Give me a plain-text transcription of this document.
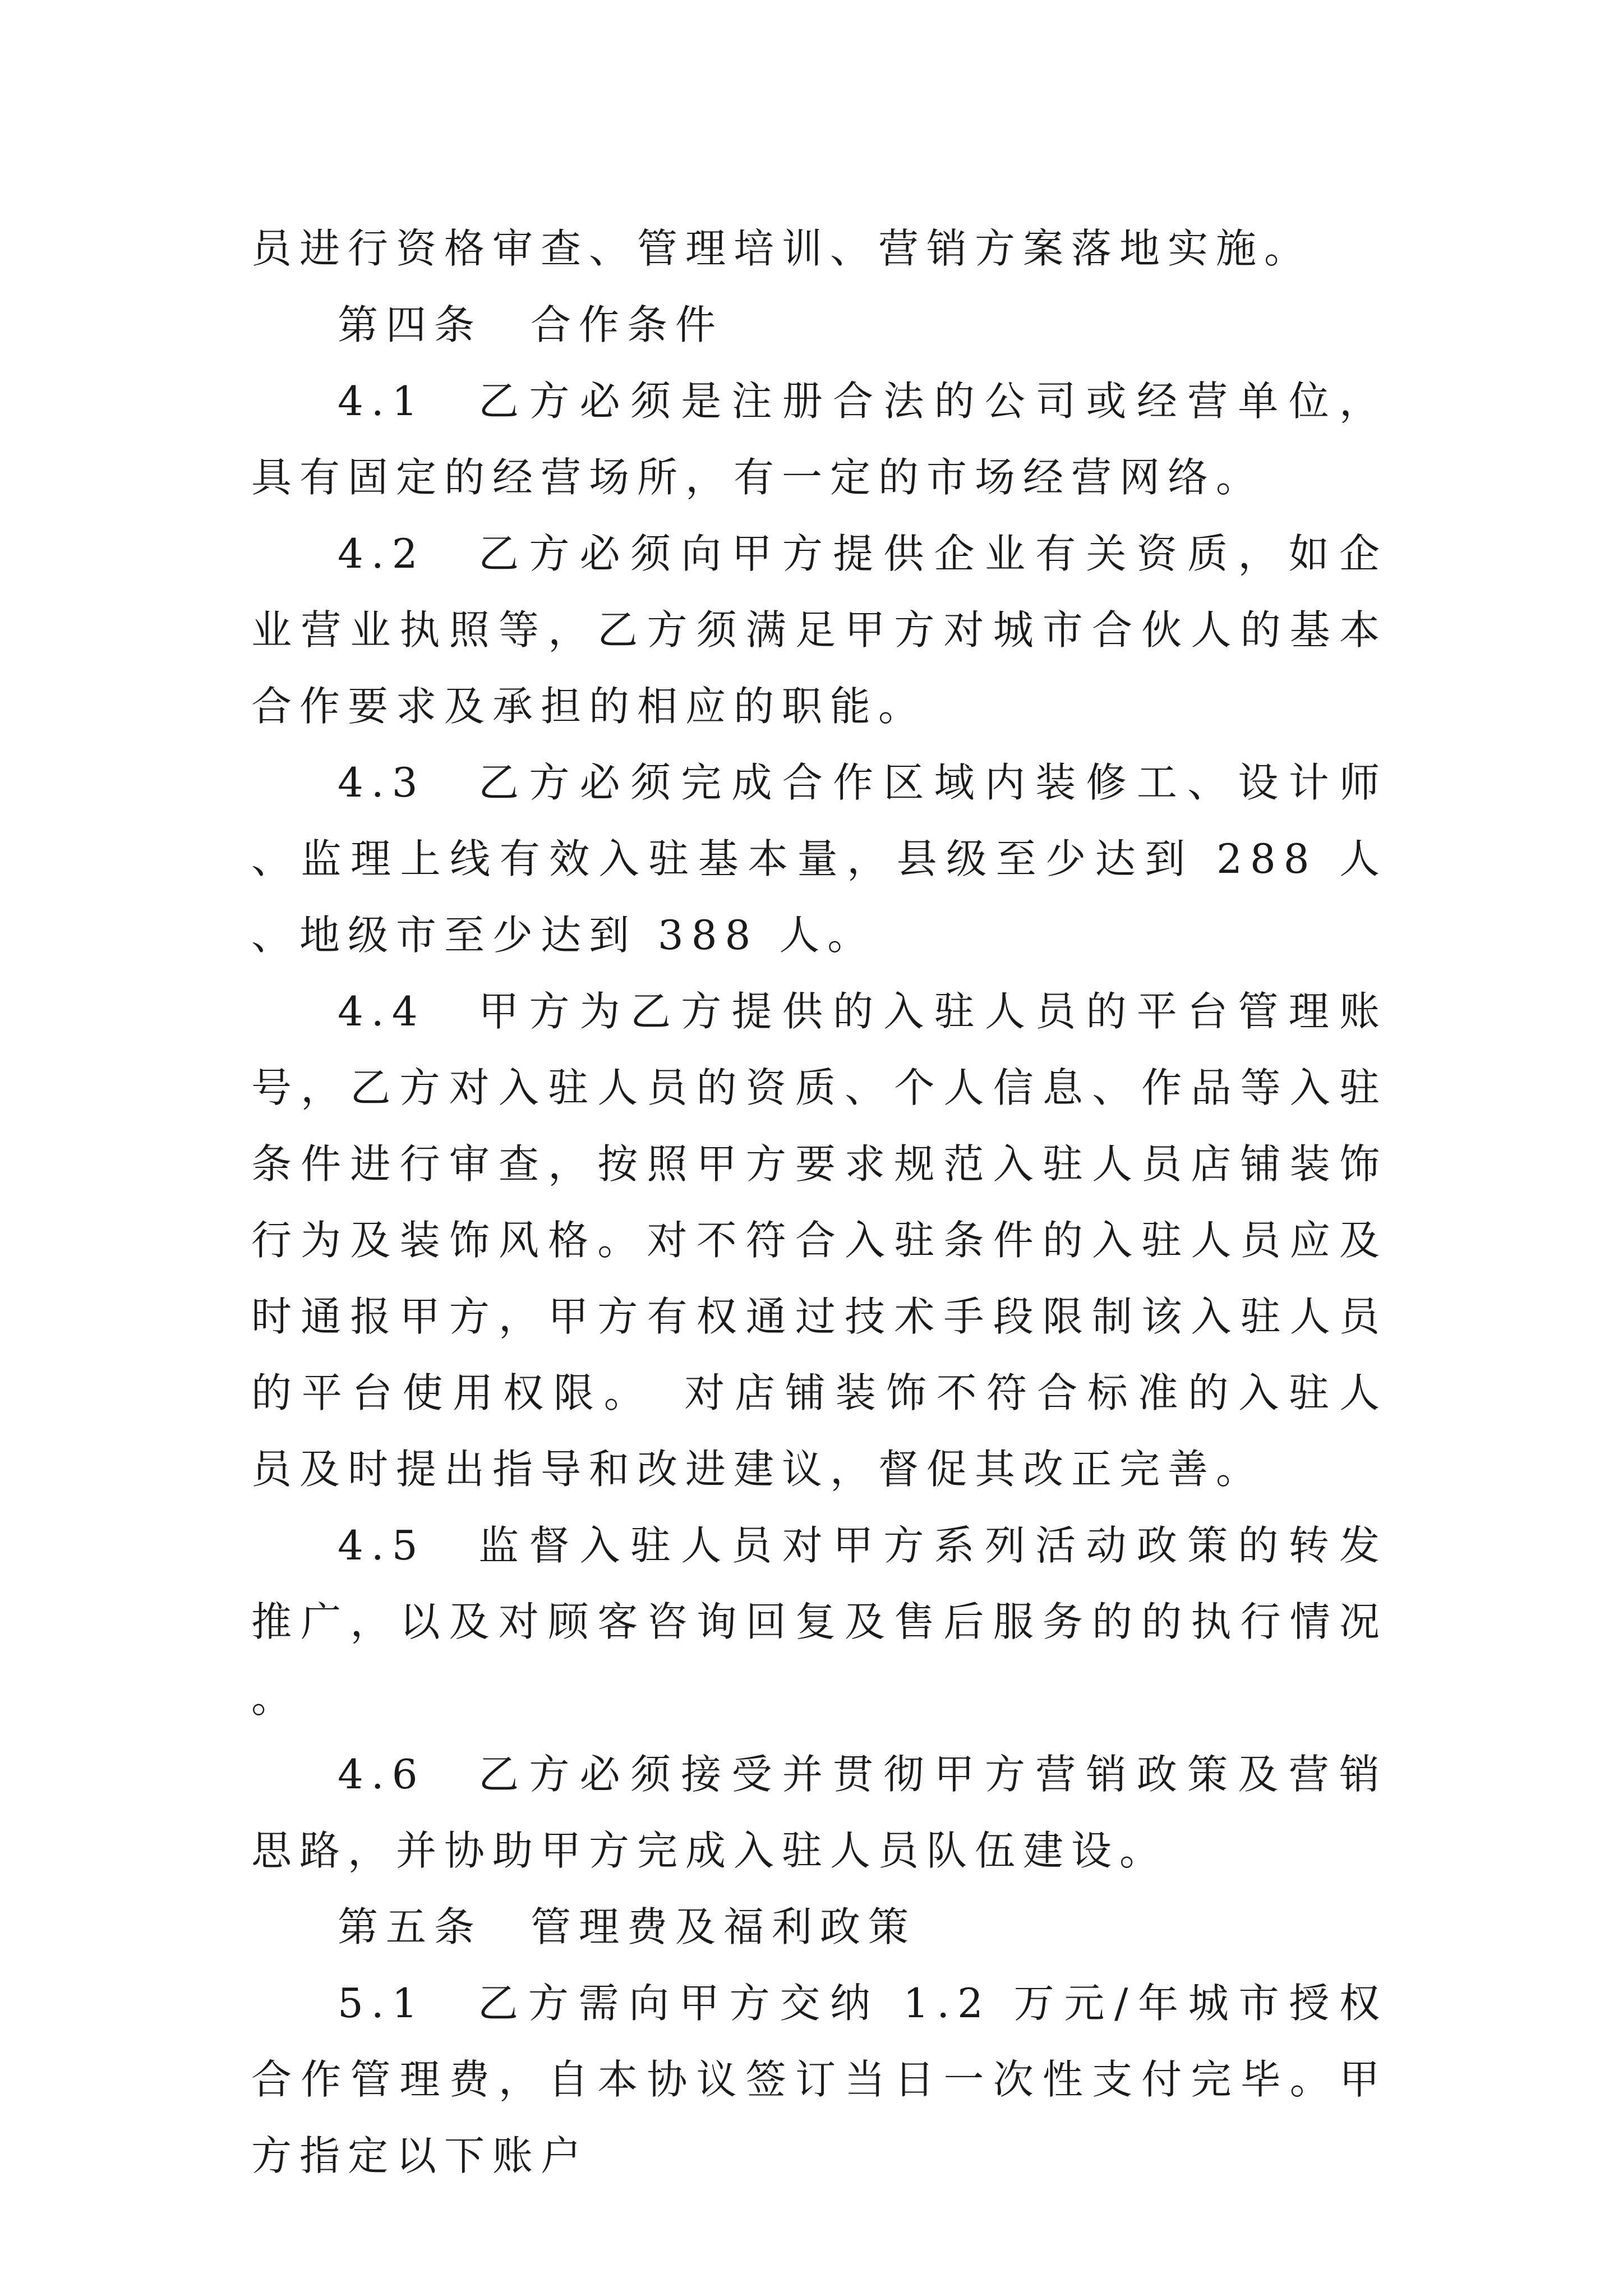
员进行资格审查、管理培训、营销方案落地实施。

第四条　合作条件

4.1　乙方必须是注册合法的公司或经营单位，具有固定的经营场所，有一定的市场经营网络。

4.2　乙方必须向甲方提供企业有关资质，如企业营业执照等，乙方须满足甲方对城市合伙人的基本合作要求及承担的相应的职能。

4.3　乙方必须完成合作区域内装修工、设计师、监理上线有效入驻基本量，县级至少达到 288 人、地级市至少达到 388 人。

4.4　甲方为乙方提供的入驻人员的平台管理账号，乙方对入驻人员的资质、个人信息、作品等入驻条件进行审查，按照甲方要求规范入驻人员店铺装饰行为及装饰风格。对不符合入驻条件的入驻人员应及时通报甲方，甲方有权通过技术手段限制该入驻人员的平台使用权限。　对店铺装饰不符合标准的入驻人员及时提出指导和改进建议，督促其改正完善。

4.5　监督入驻人员对甲方系列活动政策的转发推广，以及对顾客咨询回复及售后服务的的执行情况。

4.6　乙方必须接受并贯彻甲方营销政策及营销思路，并协助甲方完成入驻人员队伍建设。

第五条　管理费及福利政策

5.1　乙方需向甲方交纳 1.2 万元/年城市授权合作管理费，自本协议签订当日一次性支付完毕。甲方指定以下账户
